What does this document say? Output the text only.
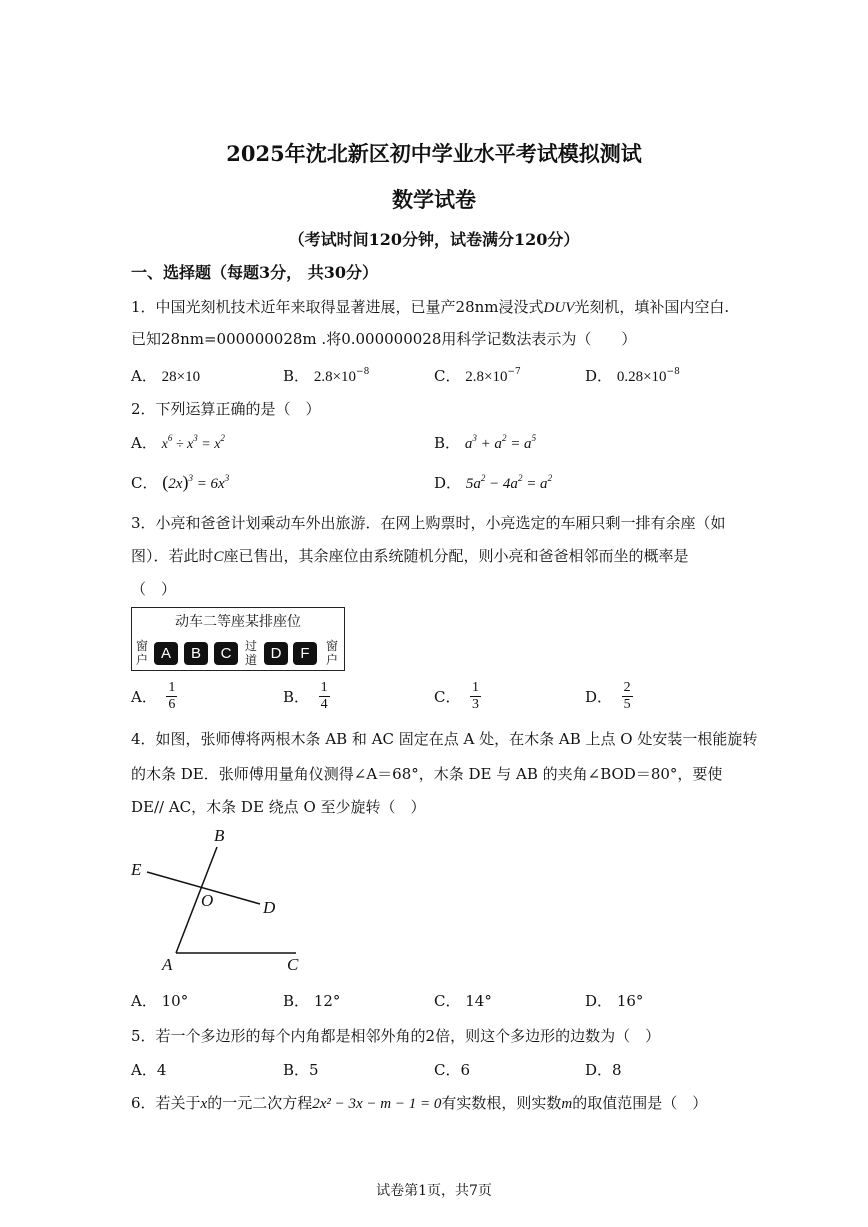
2025年沈北新区初中学业水平考试模拟测试
数学试卷
（考试时间120分钟，试卷满分120分）
一、选择题（每题3分， 共30分）
1．中国光刻机技术近年来取得显著进展，已量产28nm浸没式DUV光刻机，填补国内空白.
已知28nm=000000028m .将0.000000028用科学记数法表示为（　　）
A． 28×10	B． $2.8\times 10^{-8}$	C． $2.8\times 10^{-7}$	D． $0.28\times 10^{-8}$
2．下列运算正确的是（　）
A． $x^6 \div x^3 = x^2$	B． $a^3 + a^2 = a^5$
C． $(2x)^3 = 6x^3$	D． $5a^2 - 4a^2 = a^2$
3．小亮和爸爸计划乘动车外出旅游．在网上购票时，小亮选定的车厢只剩一排有余座（如
图）．若此时C座已售出，其余座位由系统随机分配，则小亮和爸爸相邻而坐的概率是
（　）
动车二等座某排座位
窗
户 A	B	C	过
道 D	F	窗
户
A． $\frac{1}{6}$	B． $\frac{1}{4}$	C． $\frac{1}{3}$	D． $\frac{2}{5}$
4．如图，张师傅将两根木条 AB 和 AC 固定在点 A 处，在木条 AB 上点 O 处安装一根能旋转
的木条 DE．张师傅用量角仪测得∠A＝68°，木条 DE 与 AB 的夹角∠BOD＝80°，要使
DE// AC，木条 DE 绕点 O 至少旋转（　）
B
E
O	D
A	C
A． 10°	B． 12°	C． 14°	D． 16°
5．若一个多边形的每个内角都是相邻外角的2倍，则这个多边形的边数为（　）
A．4	B．5	C．6	D．8
6．若关于x的一元二次方程2x² − 3x − m − 1 = 0有实数根，则实数m的取值范围是（　）
试卷第1页，共7页
